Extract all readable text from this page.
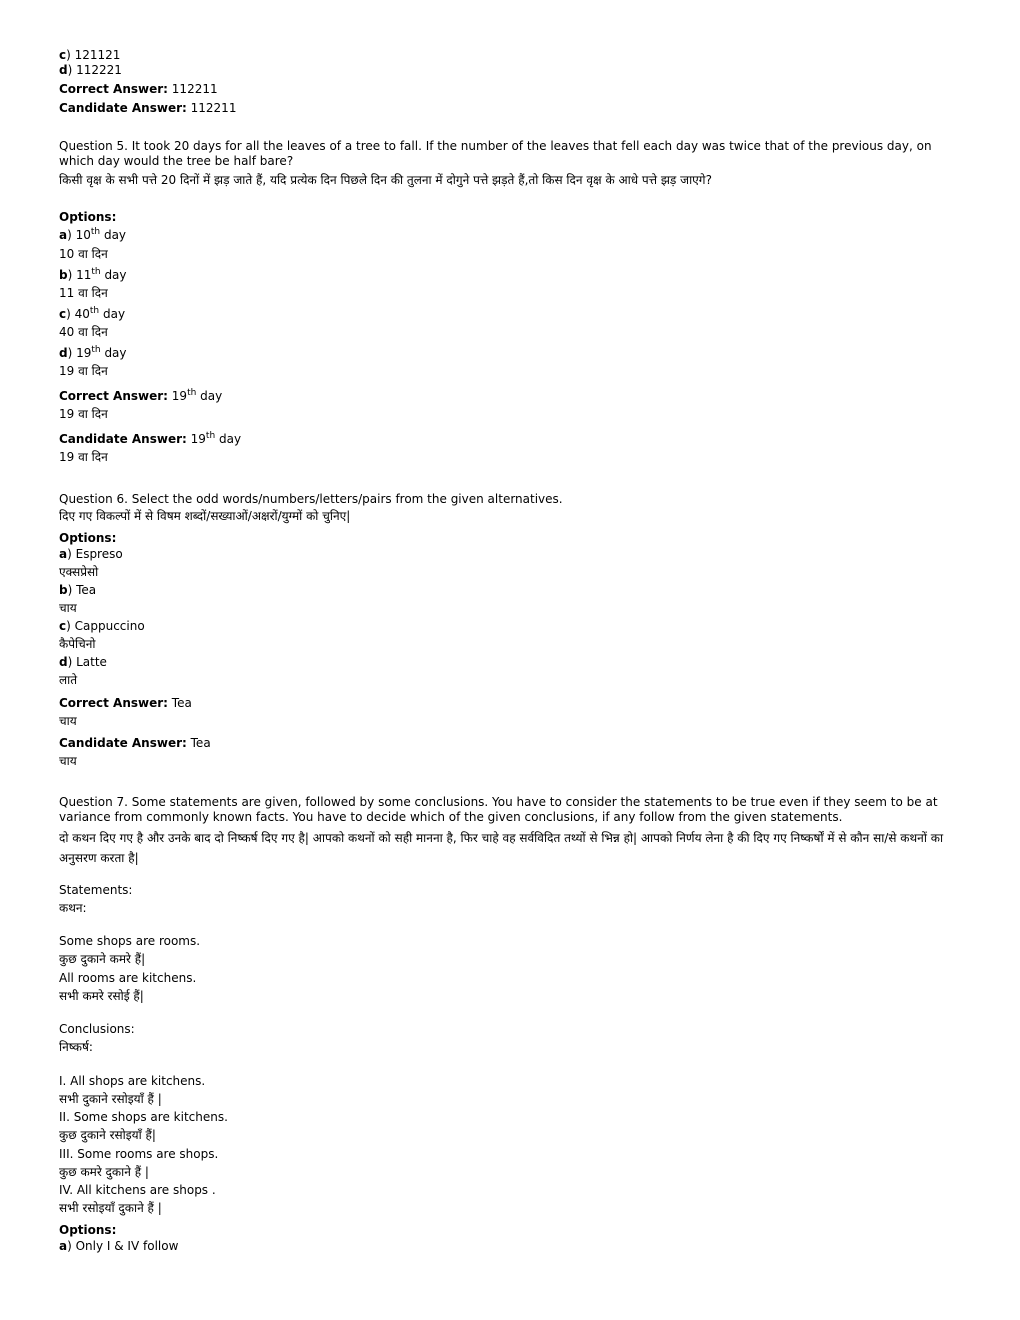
c) 121121
d) 112221
Correct Answer: 112211
Candidate Answer: 112211
Question 5. It took 20 days for all the leaves of a tree to fall. If the number of the leaves that fell each day was twice that of the previous day, on which day would the tree be half bare?
किसी वृक्ष के सभी पत्ते 20 दिनों में झड़ जाते हैं, यदि प्रत्येक दिन पिछले दिन की तुलना में दोगुने पत्ते झड़ते हैं,तो किस दिन वृक्ष के आधे पत्ते झड़ जाएगे?
Options:
a) 10th day
10 वा दिन
b) 11th day
11 वा दिन
c) 40th day
40 वा दिन
d) 19th day
19 वा दिन
Correct Answer: 19th day
19 वा दिन
Candidate Answer: 19th day
19 वा दिन
Question 6. Select the odd words/numbers/letters/pairs from the given alternatives.
दिए गए विकल्पों में से विषम शब्दों/सख्याओं/अक्षरों/युग्मों को चुनिए|
Options:
a) Espreso
एक्सप्रेसो
b) Tea
चाय
c) Cappuccino
कैपेचिनो
d) Latte
लाते
Correct Answer: Tea
चाय
Candidate Answer: Tea
चाय
Question 7. Some statements are given, followed by some conclusions. You have to consider the statements to be true even if they seem to be at variance from commonly known facts. You have to decide which of the given conclusions, if any follow from the given statements.
दो कथन दिए गए है और उनके बाद दो निष्कर्ष दिए गए है| आपको कथनों को सही मानना है, फिर चाहे वह सर्वविदित तथ्यों से भिन्न हो| आपको निर्णय लेना है की दिए गए निष्कर्षों में से कौन सा/से कथनों का अनुसरण करता है|
Statements:
कथन:
Some shops are rooms.
कुछ दुकाने कमरे हैं|
All rooms are kitchens.
सभी कमरे रसोई हैं|
Conclusions:
निष्कर्ष:
I. All shops are kitchens.
सभी दुकाने रसोइयाँ हैं |
II. Some shops are kitchens.
कुछ दुकाने रसोइयाँ हैं|
III. Some rooms are shops.
कुछ कमरे दुकाने हैं |
IV. All kitchens are shops .
सभी रसोइयाँ दुकाने हैं |
Options:
a) Only I & IV follow
